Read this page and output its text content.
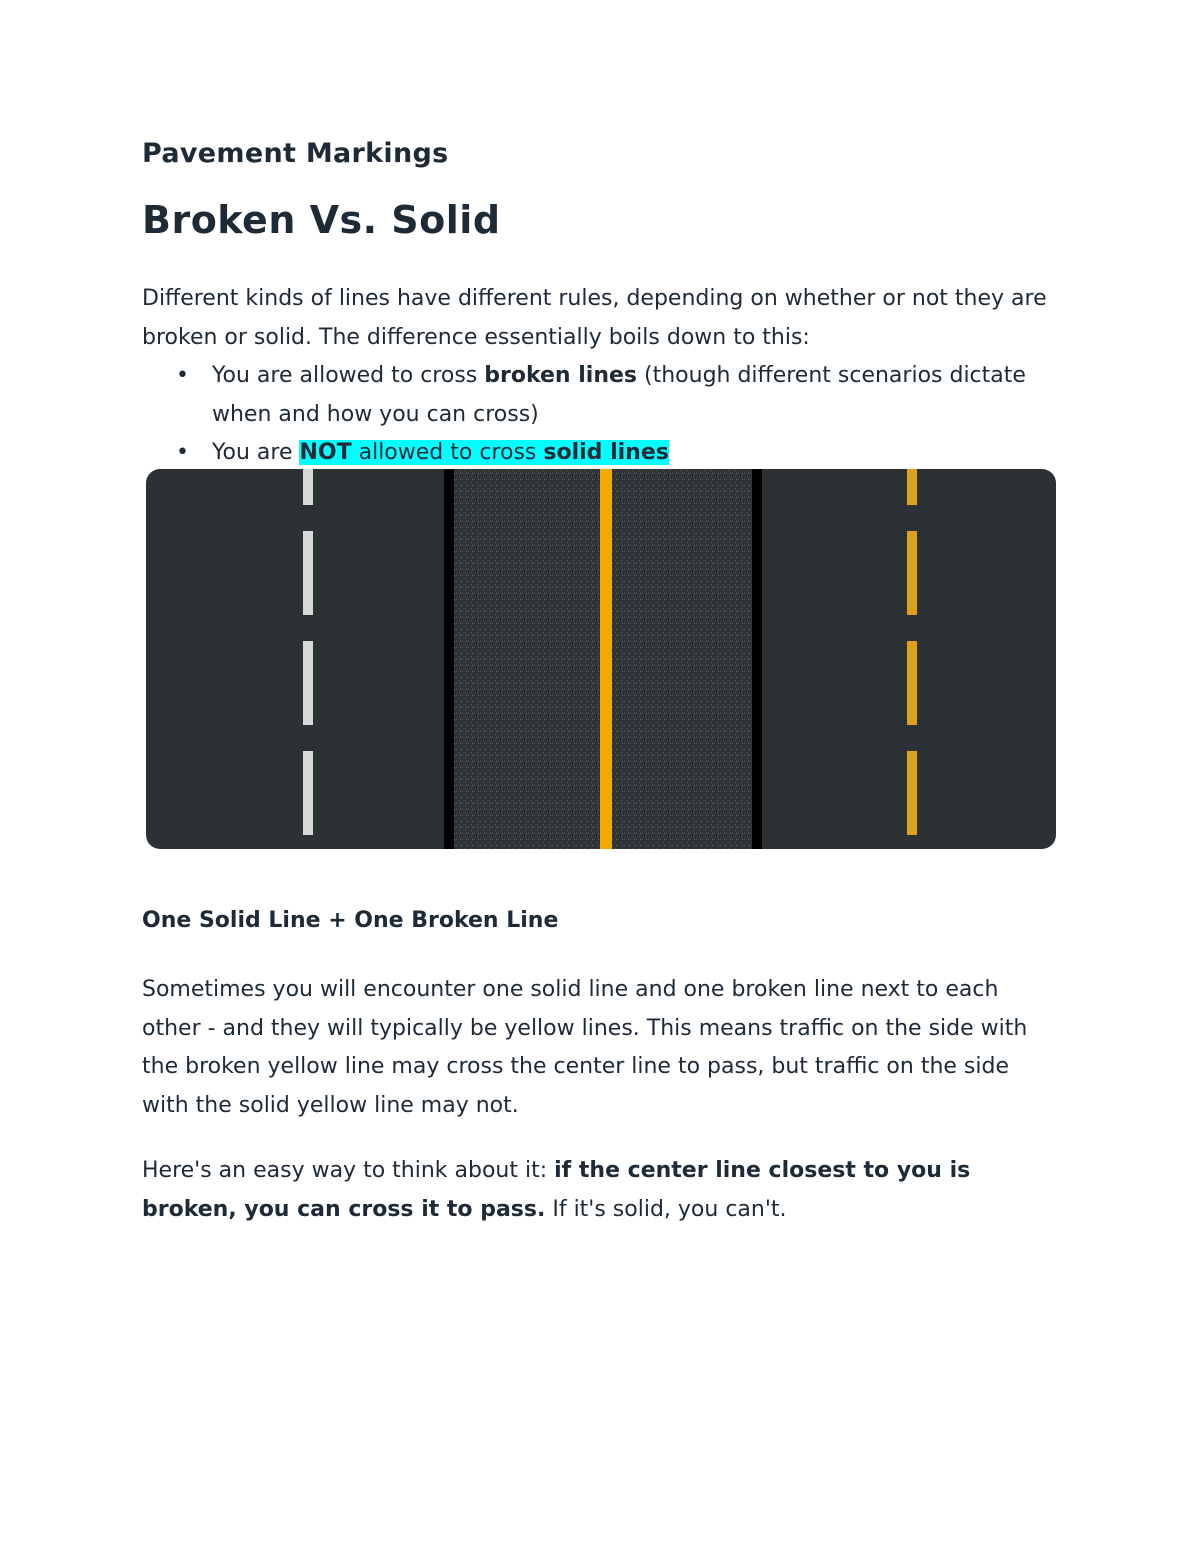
Pavement Markings
Broken Vs. Solid

Different kinds of lines have different rules, depending on whether or not they are broken or solid. The difference essentially boils down to this:

• You are allowed to cross broken lines (though different scenarios dictate when and how you can cross)
• You are NOT allowed to cross solid lines
One Solid Line + One Broken Line

Sometimes you will encounter one solid line and one broken line next to each other - and they will typically be yellow lines. This means traffic on the side with the broken yellow line may cross the center line to pass, but traffic on the side with the solid yellow line may not.

Here's an easy way to think about it: if the center line closest to you is broken, you can cross it to pass. If it's solid, you can't.
